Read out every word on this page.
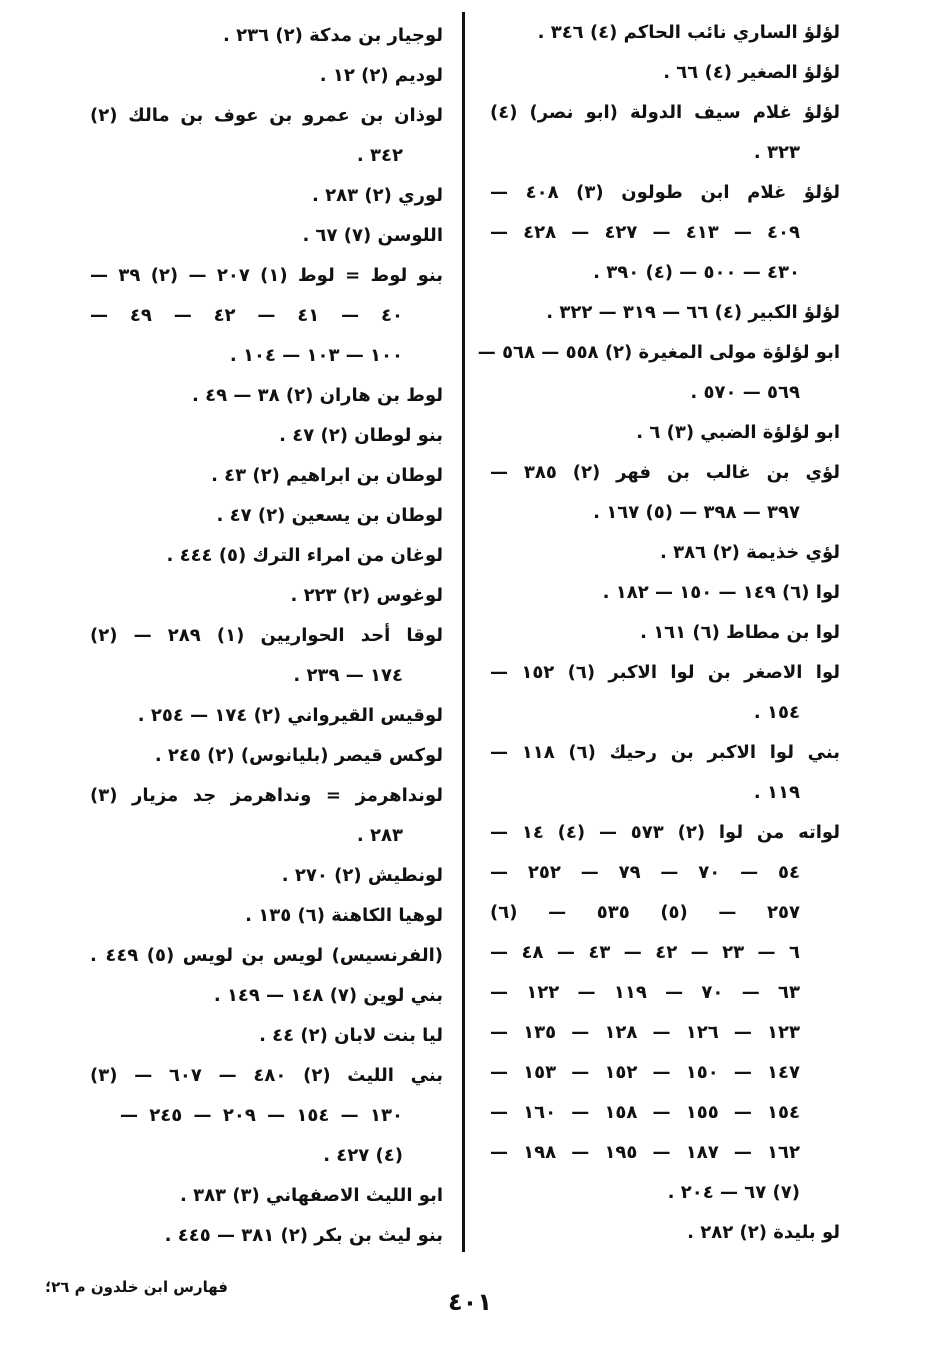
لؤلؤ الساري نائب الحاكم (٤) ٣٤٦ .
لؤلؤ الصغير (٤) ٦٦ .
لؤلؤ غلام سيف الدولة (ابو نصر) (٤)
٣٢٣ .
لؤلؤ غلام ابن طولون (٣) ٤٠٨ —
٤٠٩ — ٤١٣ — ٤٢٧ — ٤٢٨ —
٤٣٠ — ٥٠٠ — (٤) ٣٩٠ .
لؤلؤ الكبير (٤) ٦٦ — ٣١٩ — ٣٢٢ .
ابو لؤلؤة مولى المغيرة (٢) ٥٥٨ — ٥٦٨ —
٥٦٩ — ٥٧٠ .
ابو لؤلؤة الضبي (٣) ٦ .
لؤي بن غالب بن فهر (٢) ٣٨٥ —
٣٩٧ — ٣٩٨ — (٥) ١٦٧ .
لؤي خذيمة (٢) ٣٨٦ .
لوا (٦) ١٤٩ — ١٥٠ — ١٨٢ .
لوا بن مطاط (٦) ١٦١ .
لوا الاصغر بن لوا الاكبر (٦) ١٥٢ —
١٥٤ .
بني لوا الاكبر بن رحيك (٦) ١١٨ —
١١٩ .
لواته من لوا (٢) ٥٧٣ — (٤) ١٤ —
٥٤ — ٧٠ — ٧٩ — ٢٥٢ —
٢٥٧ — (٥) ٥٣٥ — (٦)
٦ — ٢٣ — ٤٢ — ٤٣ — ٤٨ —
٦٣ — ٧٠ — ١١٩ — ١٢٢ —
١٢٣ — ١٢٦ — ١٢٨ — ١٣٥ —
١٤٧ — ١٥٠ — ١٥٢ — ١٥٣ —
١٥٤ — ١٥٥ — ١٥٨ — ١٦٠ —
١٦٢ — ١٨٧ — ١٩٥ — ١٩٨ —
(٧) ٦٧ — ٢٠٤ .
لو بليدة (٢) ٢٨٢ .
لوجيار بن مدكة (٢) ٢٣٦ .
لوديم (٢) ١٢ .
لوذان بن عمرو بن عوف بن مالك (٢)
٣٤٢ .
لوري (٢) ٢٨٣ .
اللوسن (٧) ٦٧ .
بنو لوط = لوط (١) ٢٠٧ — (٢) ٣٩ —
٤٠ — ٤١ — ٤٢ — ٤٩ —
١٠٠ — ١٠٣ — ١٠٤ .
لوط بن هاران (٢) ٣٨ — ٤٩ .
بنو لوطان (٢) ٤٧ .
لوطان بن ابراهيم (٢) ٤٣ .
لوطان بن يسعين (٢) ٤٧ .
لوغان من امراء الترك (٥) ٤٤٤ .
لوغوس (٢) ٢٢٣ .
لوقا أحد الحواريين (١) ٢٨٩ — (٢)
١٧٤ — ٢٣٩ .
لوقيس القيرواني (٢) ١٧٤ — ٢٥٤ .
لوكس قيصر (بليانوس) (٢) ٢٤٥ .
لونداهرمز = ونداهرمز جد مزيار (٣)
٢٨٣ .
لونطيش (٢) ٢٧٠ .
لوهيا الكاهنة (٦) ١٣٥ .
(الفرنسيس) لويس بن لويس (٥) ٤٤٩ .
بني لوين (٧) ١٤٨ — ١٤٩ .
ليا بنت لابان (٢) ٤٤ .
بني الليث (٢) ٤٨٠ — ٦٠٧ — (٣)
١٣٠ — ١٥٤ — ٢٠٩ — ٢٤٥ —
(٤) ٤٢٧ .
ابو الليث الاصفهاني (٣) ٣٨٣ .
بنو ليث بن بكر (٢) ٣٨١ — ٤٤٥ .
فهارس ابن خلدون م ٢٦؛
٤٠١
